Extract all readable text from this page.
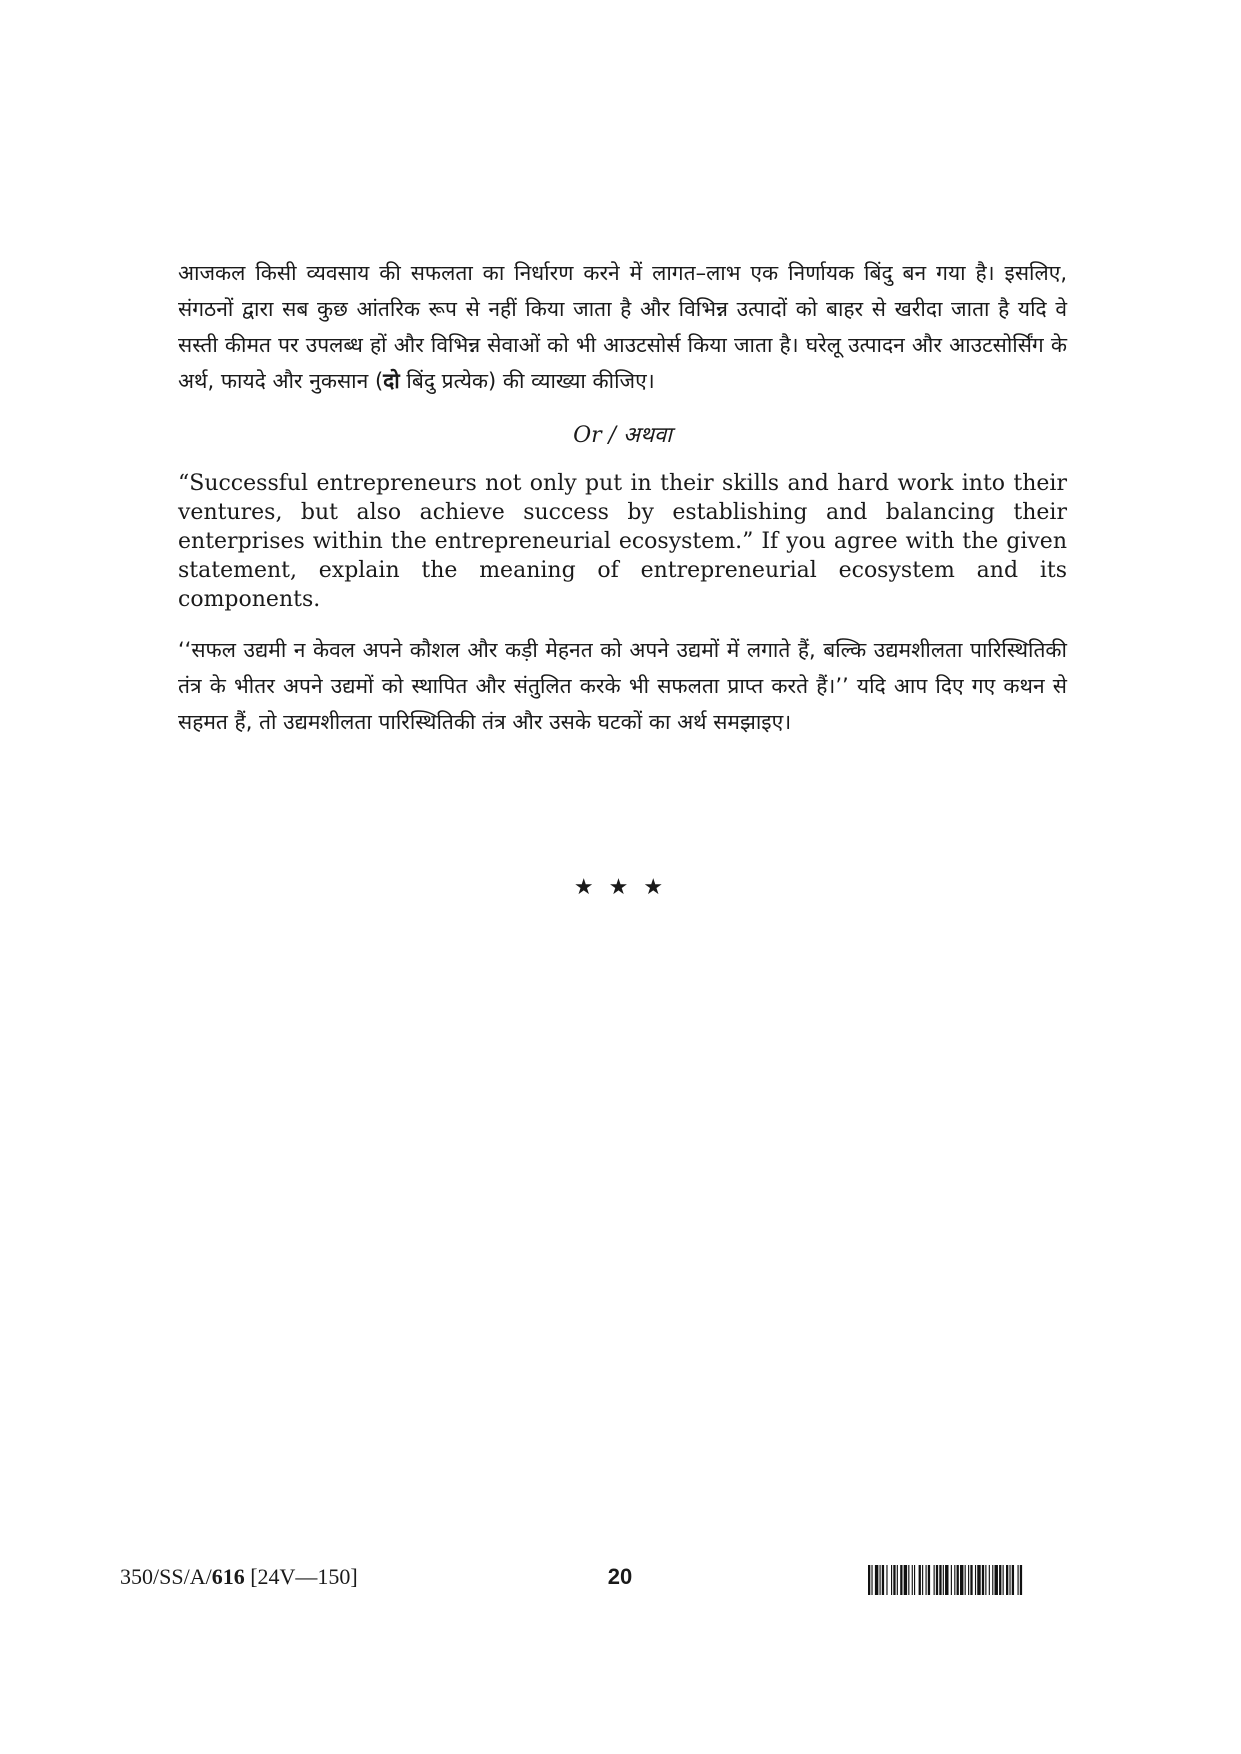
आजकल किसी व्यवसाय की सफलता का निर्धारण करने में लागत–लाभ एक निर्णायक बिंदु बन गया है। इसलिए, संगठनों द्वारा सब कुछ आंतरिक रूप से नहीं किया जाता है और विभिन्न उत्पादों को बाहर से खरीदा जाता है यदि वे सस्ती कीमत पर उपलब्ध हों और विभिन्न सेवाओं को भी आउटसोर्स किया जाता है। घरेलू उत्पादन और आउटसोर्सिंग के अर्थ, फायदे और नुकसान (दो बिंदु प्रत्येक) की व्याख्या कीजिए।

Or / अथवा

“Successful entrepreneurs not only put in their skills and hard work into their ventures, but also achieve success by establishing and balancing their enterprises within the entrepreneurial ecosystem.” If you agree with the given statement, explain the meaning of entrepreneurial ecosystem and its components.

‘‘सफल उद्यमी न केवल अपने कौशल और कड़ी मेहनत को अपने उद्यमों में लगाते हैं, बल्कि उद्यमशीलता पारिस्थितिकी तंत्र के भीतर अपने उद्यमों को स्थापित और संतुलित करके भी सफलता प्राप्त करते हैं।’’ यदि आप दिए गए कथन से सहमत हैं, तो उद्यमशीलता पारिस्थितिकी तंत्र और उसके घटकों का अर्थ समझाइए।

★ ★ ★
350/SS/A/616 [24V—150]	20
